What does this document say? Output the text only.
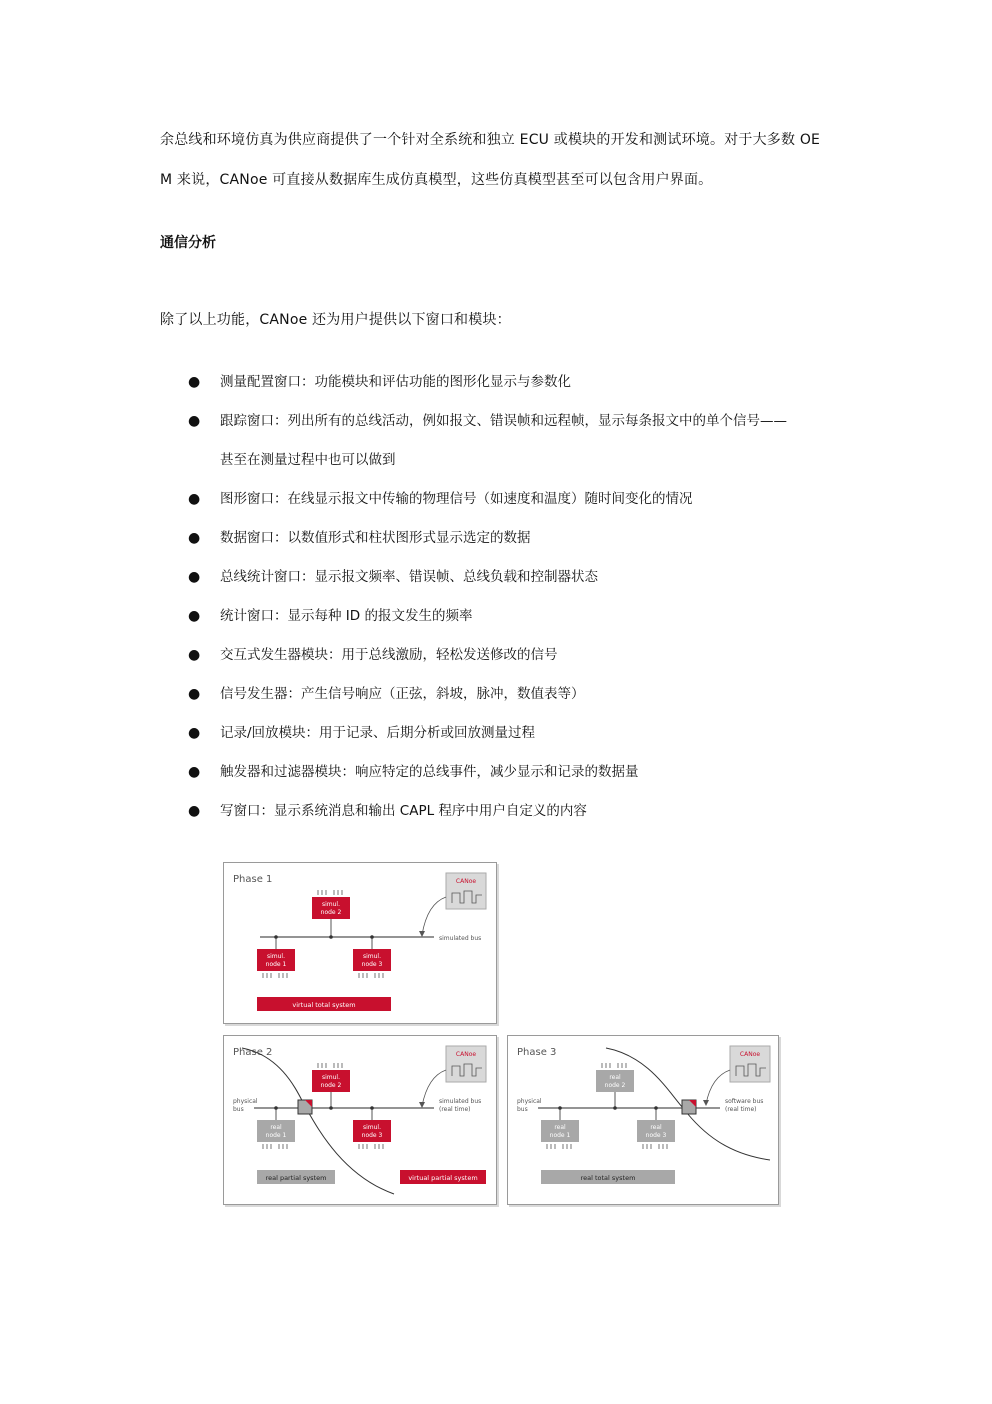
余总线和环境仿真为供应商提供了一个针对全系统和独立 ECU 或模块的开发和测试环境。对于大多数 OE
M 来说，CANoe 可直接从数据库生成仿真模型，这些仿真模型甚至可以包含用户界面。
通信分析
除了以上功能，CANoe 还为用户提供以下窗口和模块：
●	测量配置窗口：功能模块和评估功能的图形化显示与参数化
●	跟踪窗口：列出所有的总线活动，例如报文、错误帧和远程帧，显示每条报文中的单个信号——
甚至在测量过程中也可以做到
●	图形窗口：在线显示报文中传输的物理信号（如速度和温度）随时间变化的情况
●	数据窗口：以数值形式和柱状图形式显示选定的数据
●	总线统计窗口：显示报文频率、错误帧、总线负载和控制器状态
●	统计窗口：显示每种 ID 的报文发生的频率
●	交互式发生器模块：用于总线激励，轻松发送修改的信号
●	信号发生器：产生信号响应（正弦，斜坡，脉冲，数值表等）
●	记录/回放模块：用于记录、后期分析或回放测量过程
●	触发器和过滤器模块：响应特定的总线事件，减少显示和记录的数据量
●	写窗口：显示系统消息和输出 CAPL 程序中用户自定义的内容
Phase 1	CANoe
simulated bus
simul.
node 2
simul.
node 1
simul.
node 3
virtual total system
Phase 2	CANoe
physical
bus
simulated bus
(real time)
simul.
node 2
real
node 1
simul.
node 3
real partial system	virtual partial system
Phase 3	CANoe
physical
bus
software bus
(real time)
real
node 2
real
node 1
real
node 3
real total system
